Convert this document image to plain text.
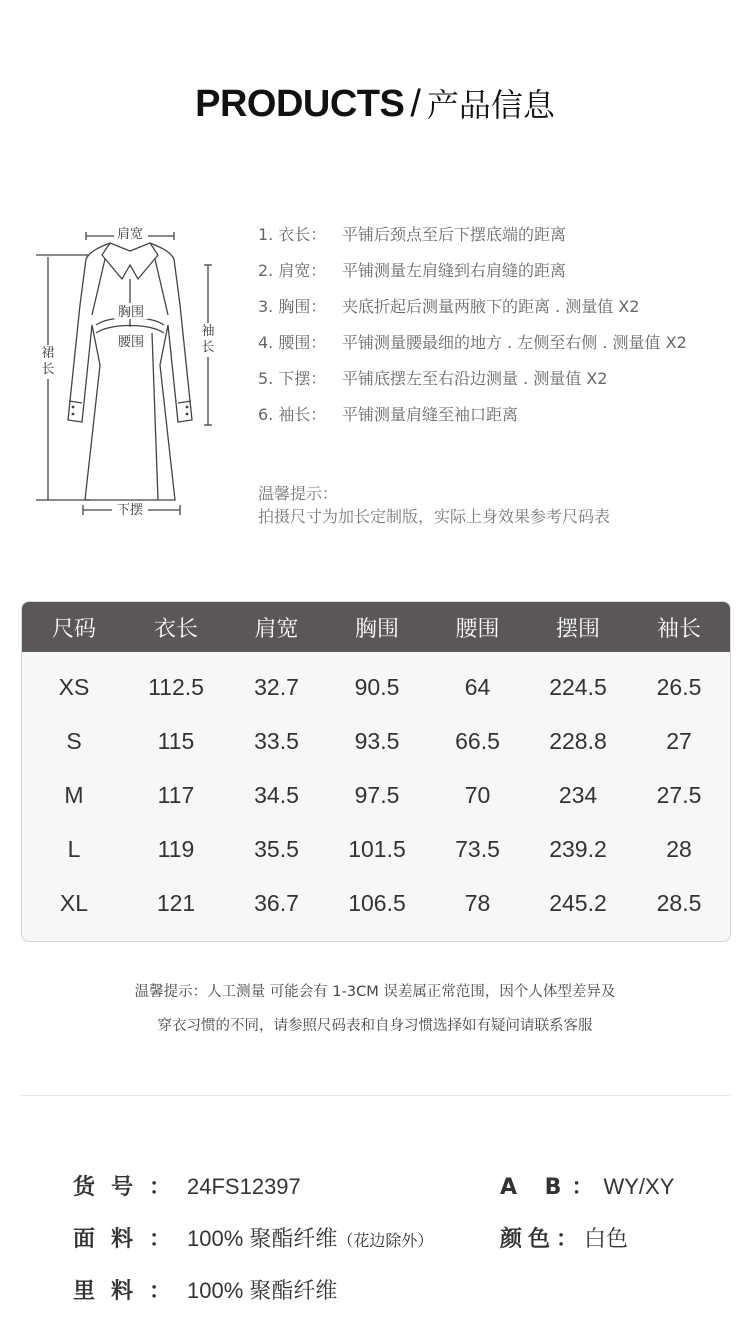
PRODUCTS / 产品信息
肩宽
胸围
腰围
袖长
裙长
下摆
1. 衣长： 平铺后颈点至后下摆底端的距离
2. 肩宽： 平铺测量左肩缝到右肩缝的距离
3. 胸围： 夹底折起后测量两腋下的距离 . 测量值 X2
4. 腰围： 平铺测量腰最细的地方 . 左侧至右侧 . 测量值 X2
5. 下摆： 平铺底摆左至右沿边测量 . 测量值 X2
6. 袖长： 平铺测量肩缝至袖口距离
温馨提示：
拍摄尺寸为加长定制版，实际上身效果参考尺码表
尺码	衣长	肩宽	胸围	腰围	摆围	袖长
XS	112.5	32.7	90.5	64	224.5	26.5
S	115	33.5	93.5	66.5	228.8	27
M	117	34.5	97.5	70	234	27.5
L	119	35.5	101.5	73.5	239.2	28
XL	121	36.7	106.5	78	245.2	28.5
温馨提示：人工测量 可能会有 1-3CM 误差属正常范围，因个人体型差异及
穿衣习惯的不同，请参照尺码表和自身习惯选择如有疑问请联系客服
货号：24FS12397	A B：WY/XY
面料：100% 聚酯纤维（花边除外）	颜色：白色
里料：100% 聚酯纤维
